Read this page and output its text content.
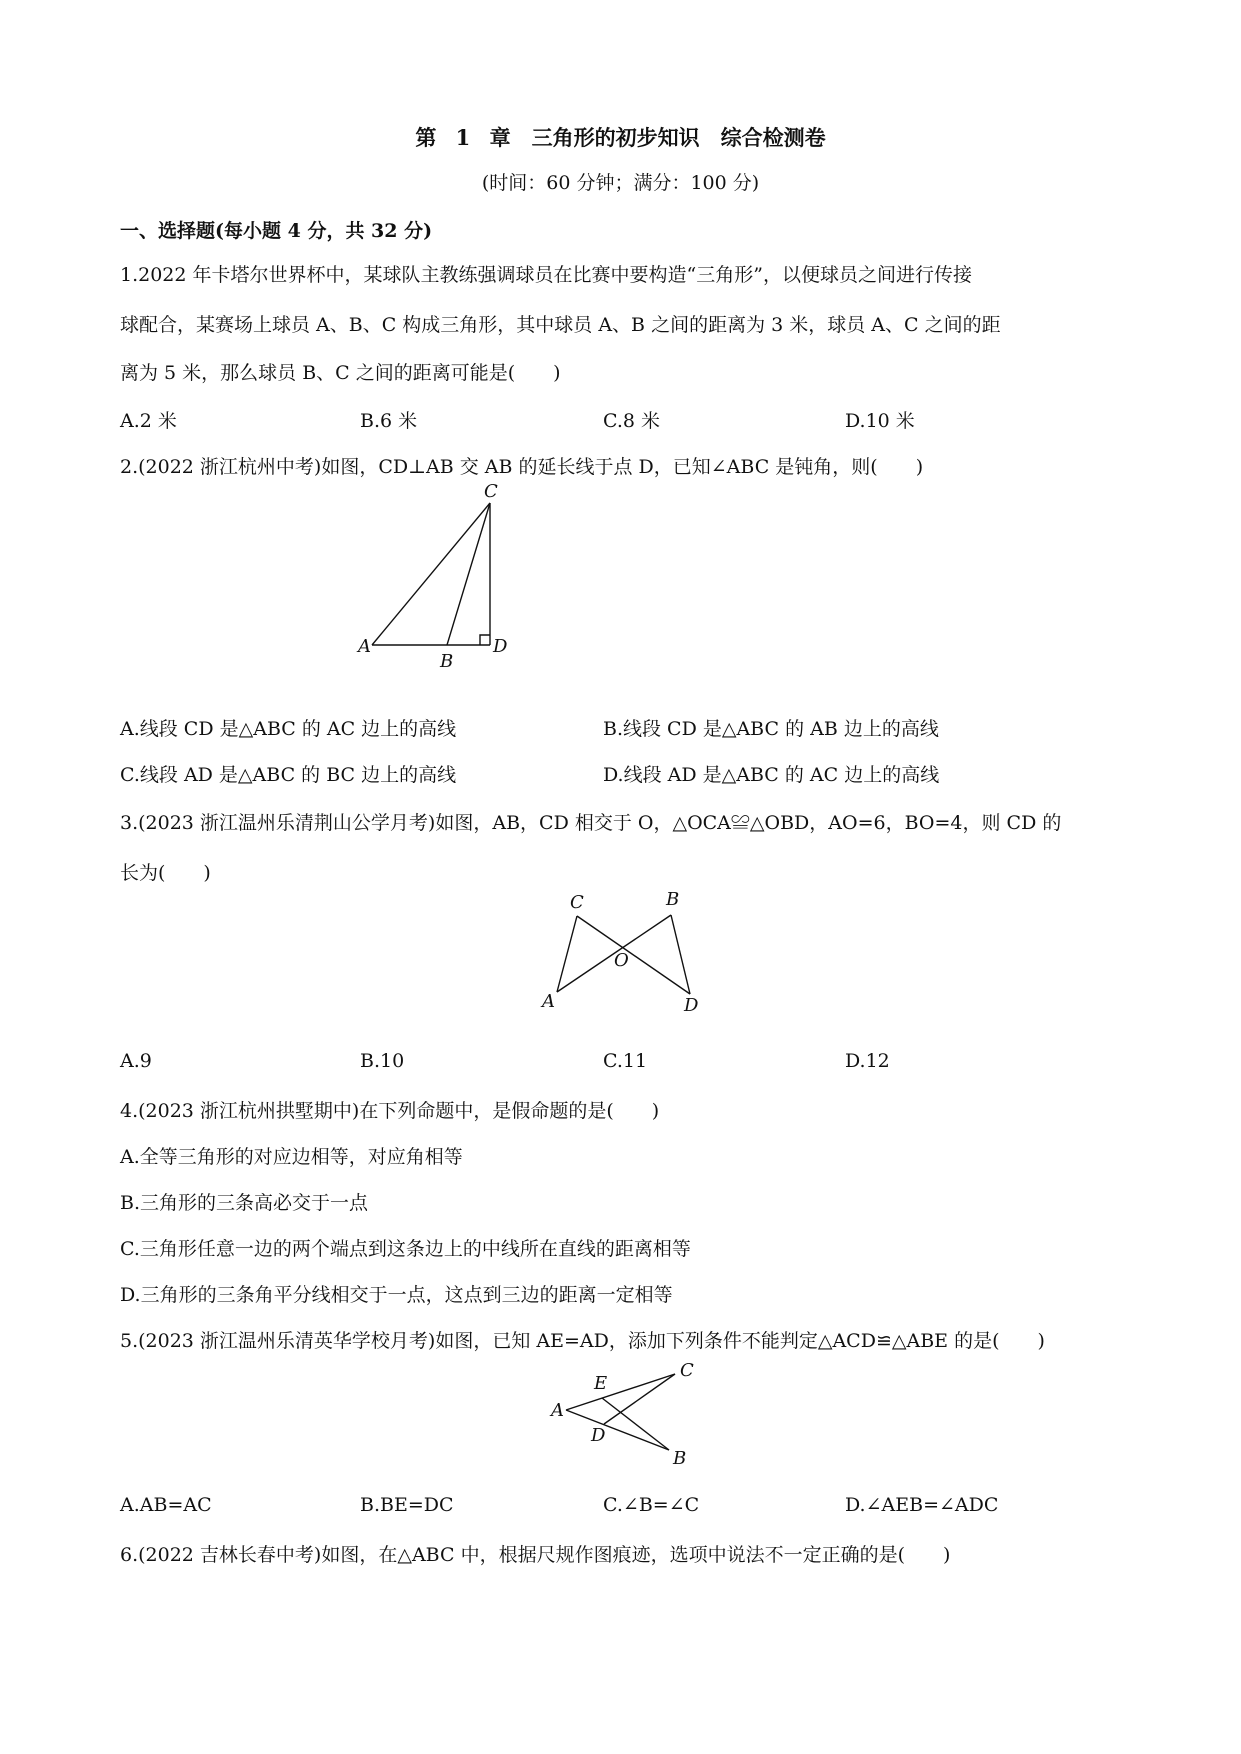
第 1 章　三角形的初步知识　综合检测卷
(时间：60 分钟；满分：100 分)
一、选择题(每小题 4 分，共 32 分)
1.2022 年卡塔尔世界杯中，某球队主教练强调球员在比赛中要构造“三角形”，以便球员之间进行传接
球配合，某赛场上球员 A、B、C 构成三角形，其中球员 A、B 之间的距离为 3 米，球员 A、C 之间的距
离为 5 米，那么球员 B、C 之间的距离可能是(　　)
A.2 米	B.6 米	C.8 米	D.10 米
2.(2022 浙江杭州中考)如图，CD⊥AB 交 AB 的延长线于点 D，已知∠ABC 是钝角，则(　　)
C
A
B
D
A.线段 CD 是△ABC 的 AC 边上的高线	B.线段 CD 是△ABC 的 AB 边上的高线
C.线段 AD 是△ABC 的 BC 边上的高线	D.线段 AD 是△ABC 的 AC 边上的高线
3.(2023 浙江温州乐清荆山公学月考)如图，AB，CD 相交于 O，△OCA≌△OBD，AO=6，BO=4，则 CD 的
长为(　　)
C	B
O
A	D
A.9	B.10	C.11	D.12
4.(2023 浙江杭州拱墅期中)在下列命题中，是假命题的是(　　)
A.全等三角形的对应边相等，对应角相等
B.三角形的三条高必交于一点
C.三角形任意一边的两个端点到这条边上的中线所在直线的距离相等
D.三角形的三条角平分线相交于一点，这点到三边的距离一定相等
5.(2023 浙江温州乐清英华学校月考)如图，已知 AE=AD，添加下列条件不能判定△ACD≌△ABE 的是(　　)
C
E
A
D
B
A.AB=AC	B.BE=DC	C.∠B=∠C	D.∠AEB=∠ADC
6.(2022 吉林长春中考)如图，在△ABC 中，根据尺规作图痕迹，选项中说法不一定正确的是(　　)
